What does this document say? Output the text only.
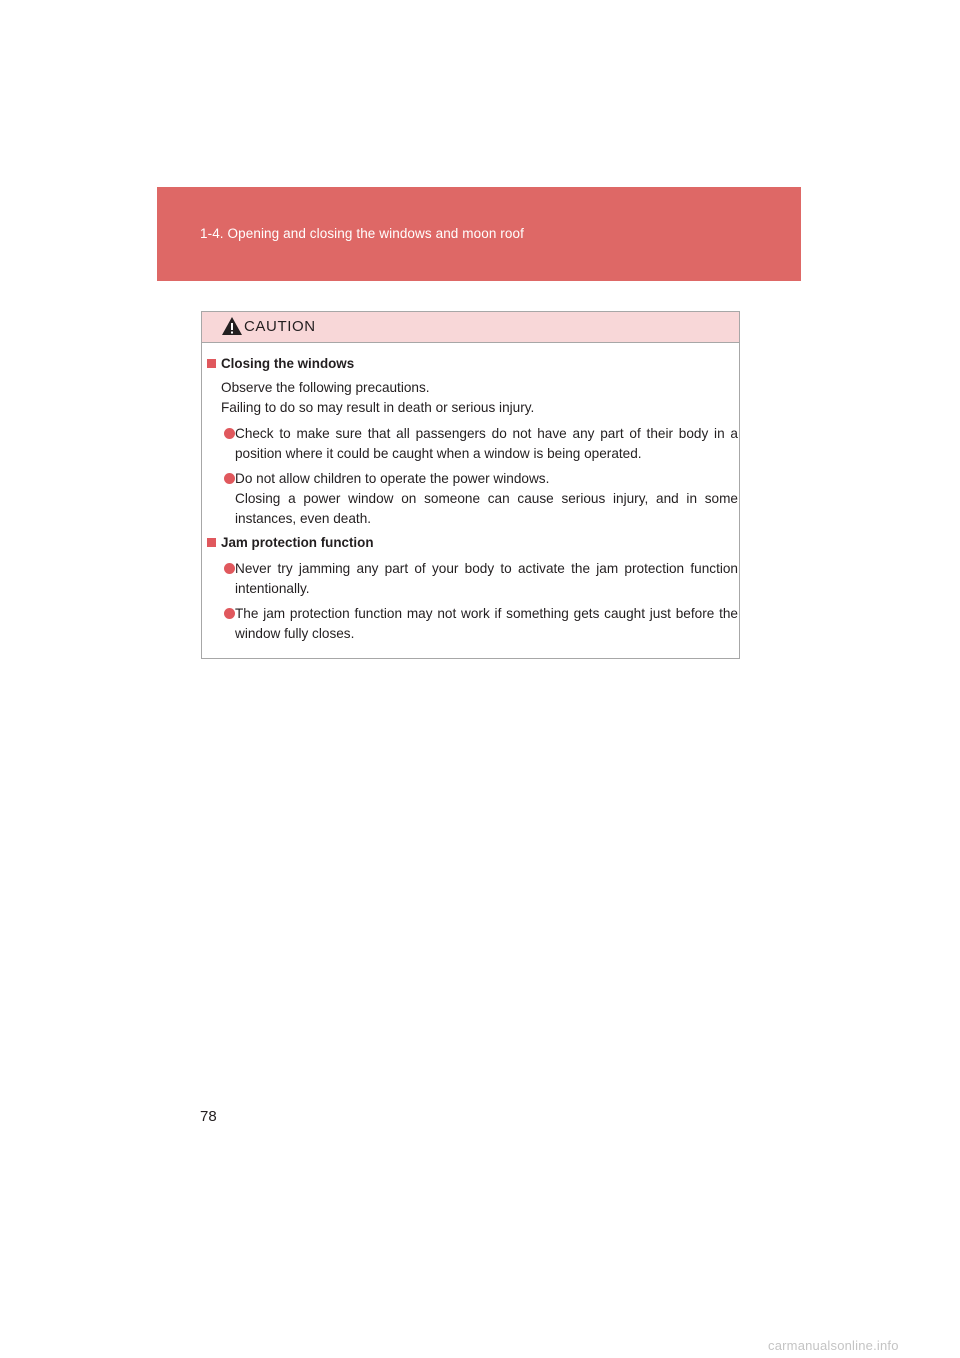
1-4. Opening and closing the windows and moon roof
CAUTION
Closing the windows
Observe the following precautions.
Failing to do so may result in death or serious injury.
Check to make sure that all passengers do not have any part of their body in a position where it could be caught when a window is being operated.
Do not allow children to operate the power windows.
Closing a power window on someone can cause serious injury, and in some instances, even death.
Jam protection function
Never try jamming any part of your body to activate the jam protection function intentionally.
The jam protection function may not work if something gets caught just before the window fully closes.
78
carmanualsonline.info
